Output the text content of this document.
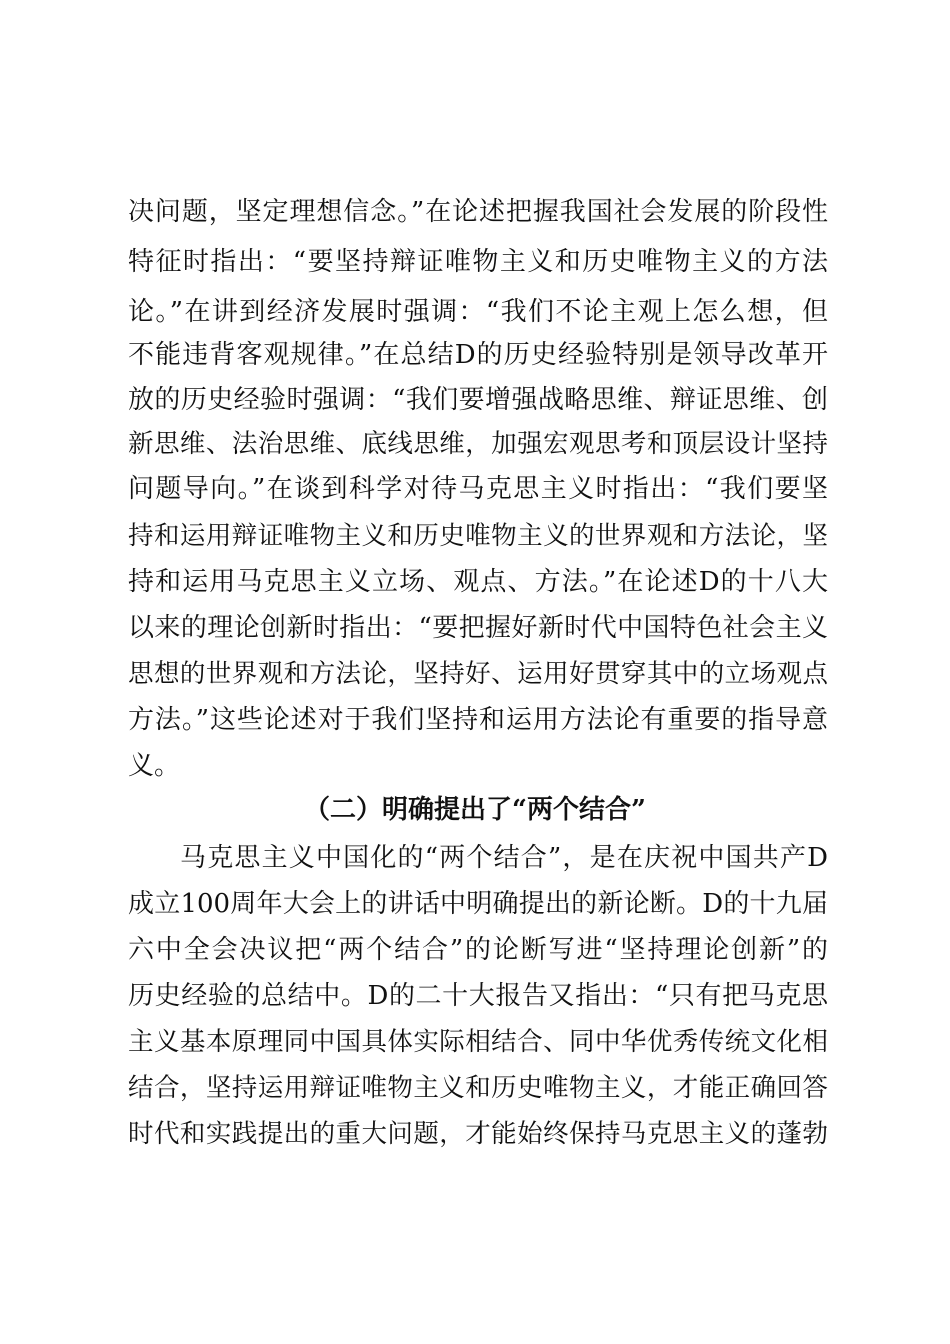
决问题，坚定理想信念。”在论述把握我国社会发展的阶段性
特征时指出：“要坚持辩证唯物主义和历史唯物主义的方法
论。”在讲到经济发展时强调：“我们不论主观上怎么想，但
不能违背客观规律。”在总结D的历史经验特别是领导改革开
放的历史经验时强调：“我们要增强战略思维、辩证思维、创
新思维、法治思维、底线思维，加强宏观思考和顶层设计坚持
问题导向。”在谈到科学对待马克思主义时指出：“我们要坚
持和运用辩证唯物主义和历史唯物主义的世界观和方法论，坚
持和运用马克思主义立场、观点、方法。”在论述D的十八大
以来的理论创新时指出：“要把握好新时代中国特色社会主义
思想的世界观和方法论，坚持好、运用好贯穿其中的立场观点
方法。”这些论述对于我们坚持和运用方法论有重要的指导意
义。
（二）明确提出了“两个结合”
马克思主义中国化的“两个结合”，是在庆祝中国共产D
成立100周年大会上的讲话中明确提出的新论断。D的十九届
六中全会决议把“两个结合”的论断写进“坚持理论创新”的
历史经验的总结中。D的二十大报告又指出：“只有把马克思
主义基本原理同中国具体实际相结合、同中华优秀传统文化相
结合，坚持运用辩证唯物主义和历史唯物主义，才能正确回答
时代和实践提出的重大问题，才能始终保持马克思主义的蓬勃
